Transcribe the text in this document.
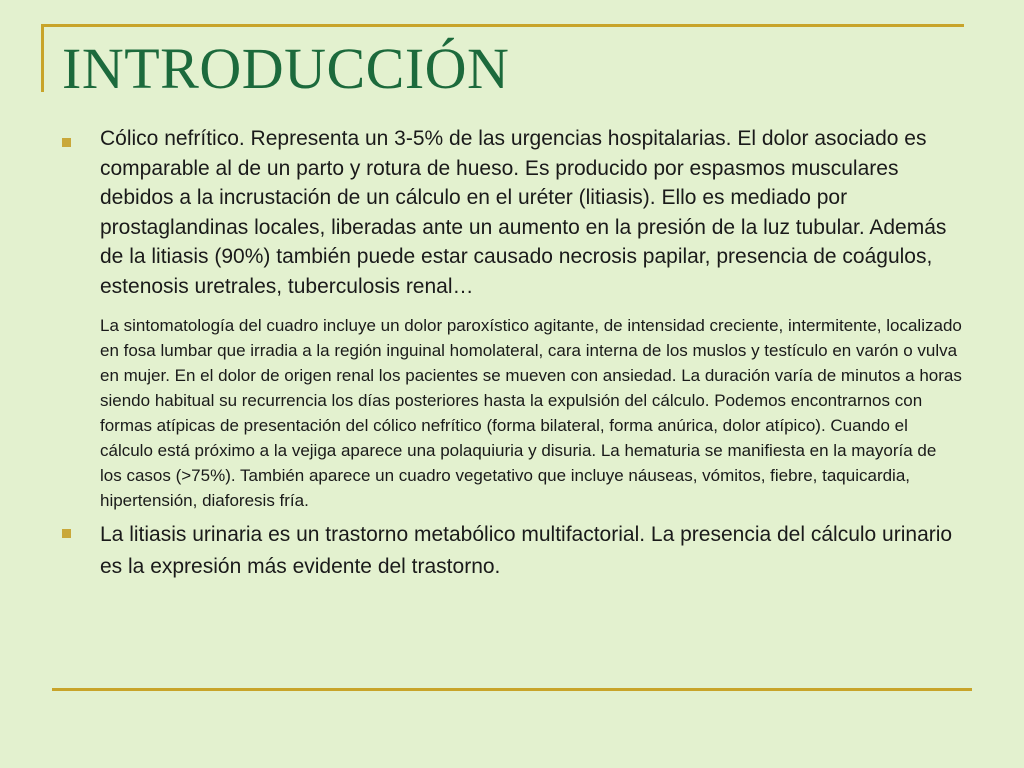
INTRODUCCIÓN

Cólico nefrítico. Representa un 3-5% de las urgencias hospitalarias. El dolor asociado es comparable al de un parto y rotura de hueso. Es producido por espasmos musculares debidos a la incrustación de un cálculo en el uréter (litiasis). Ello es mediado por prostaglandinas locales, liberadas ante un aumento en la presión de la luz tubular. Además de la litiasis (90%) también puede estar causado necrosis papilar, presencia de coágulos, estenosis uretrales, tuberculosis renal…

La sintomatología del cuadro incluye un dolor paroxístico agitante, de intensidad creciente, intermitente, localizado en fosa lumbar que irradia a la región inguinal homolateral, cara interna de los muslos y testículo en varón o vulva en mujer. En el dolor de origen renal los pacientes se mueven con ansiedad. La duración varía de minutos a horas siendo habitual su recurrencia los días posteriores hasta la expulsión del cálculo. Podemos encontrarnos con formas atípicas de presentación del cólico nefrítico (forma bilateral, forma anúrica, dolor atípico). Cuando el cálculo está próximo a la vejiga aparece una polaquiuria y disuria. La hematuria se manifiesta en la mayoría de los casos (>75%). También aparece un cuadro vegetativo que incluye náuseas, vómitos, fiebre, taquicardia, hipertensión, diaforesis fría.

La litiasis urinaria es un trastorno metabólico multifactorial. La presencia del cálculo urinario es la expresión más evidente del trastorno.
